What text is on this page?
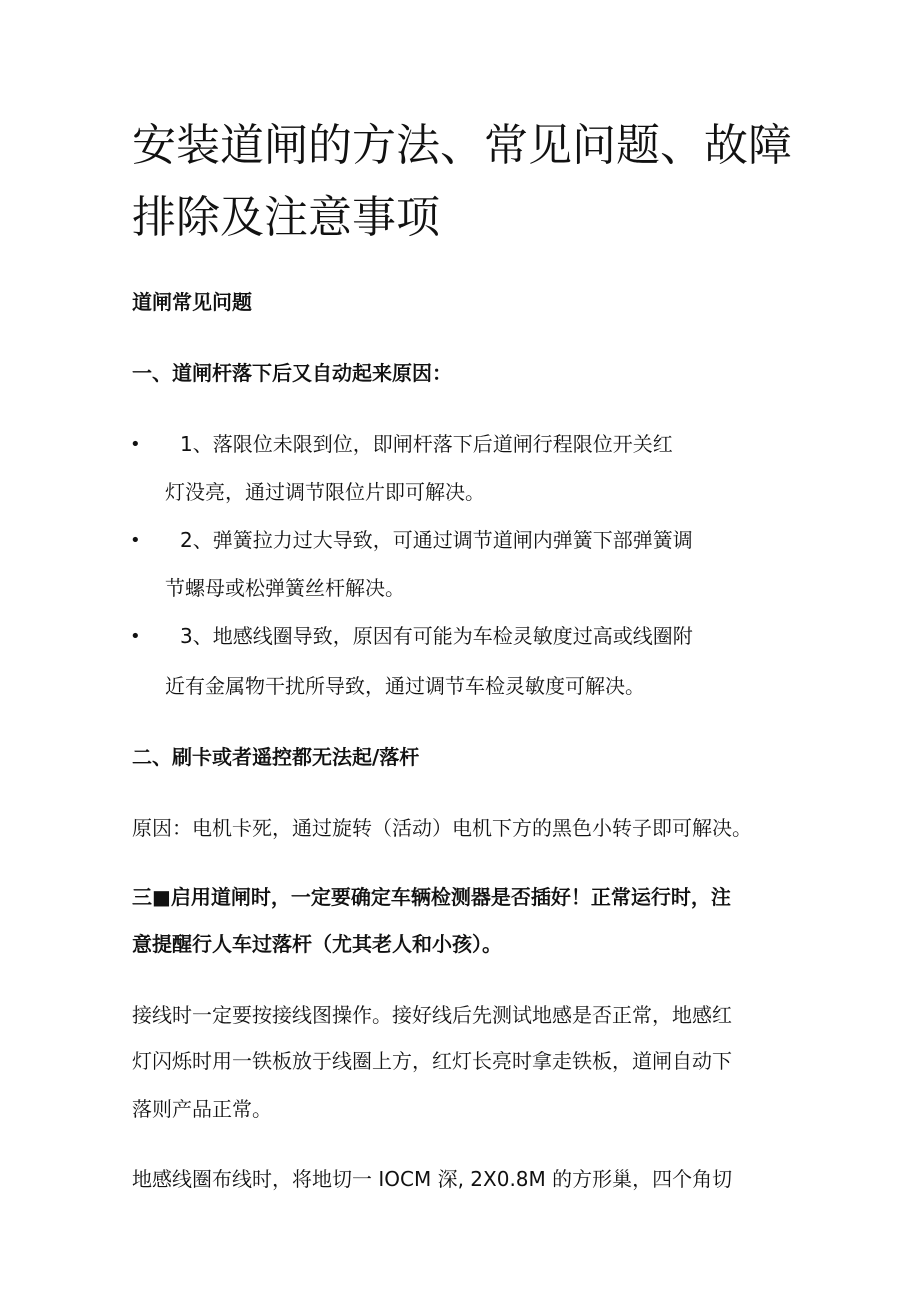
安装道闸的方法、常见问题、故障
排除及注意事项
道闸常见问题
一、道闸杆落下后又自动起来原因：
• 1、落限位未限到位，即闸杆落下后道闸行程限位开关红
灯没亮，通过调节限位片即可解决。
• 2、弹簧拉力过大导致，可通过调节道闸内弹簧下部弹簧调
节螺母或松弹簧丝杆解决。
• 3、地感线圈导致，原因有可能为车检灵敏度过高或线圈附
近有金属物干扰所导致，通过调节车检灵敏度可解决。
二、刷卡或者遥控都无法起/落杆
原因：电机卡死，通过旋转（活动）电机下方的黑色小转子即可解决。
三■启用道闸时，一定要确定车辆检测器是否插好！正常运行时，注
意提醒行人车过落杆（尤其老人和小孩）。
接线时一定要按接线图操作。接好线后先测试地感是否正常，地感红
灯闪烁时用一铁板放于线圈上方，红灯长亮时拿走铁板，道闸自动下
落则产品正常。
地感线圈布线时，将地切一 IOCM 深, 2X0.8M 的方形巢，四个角切
